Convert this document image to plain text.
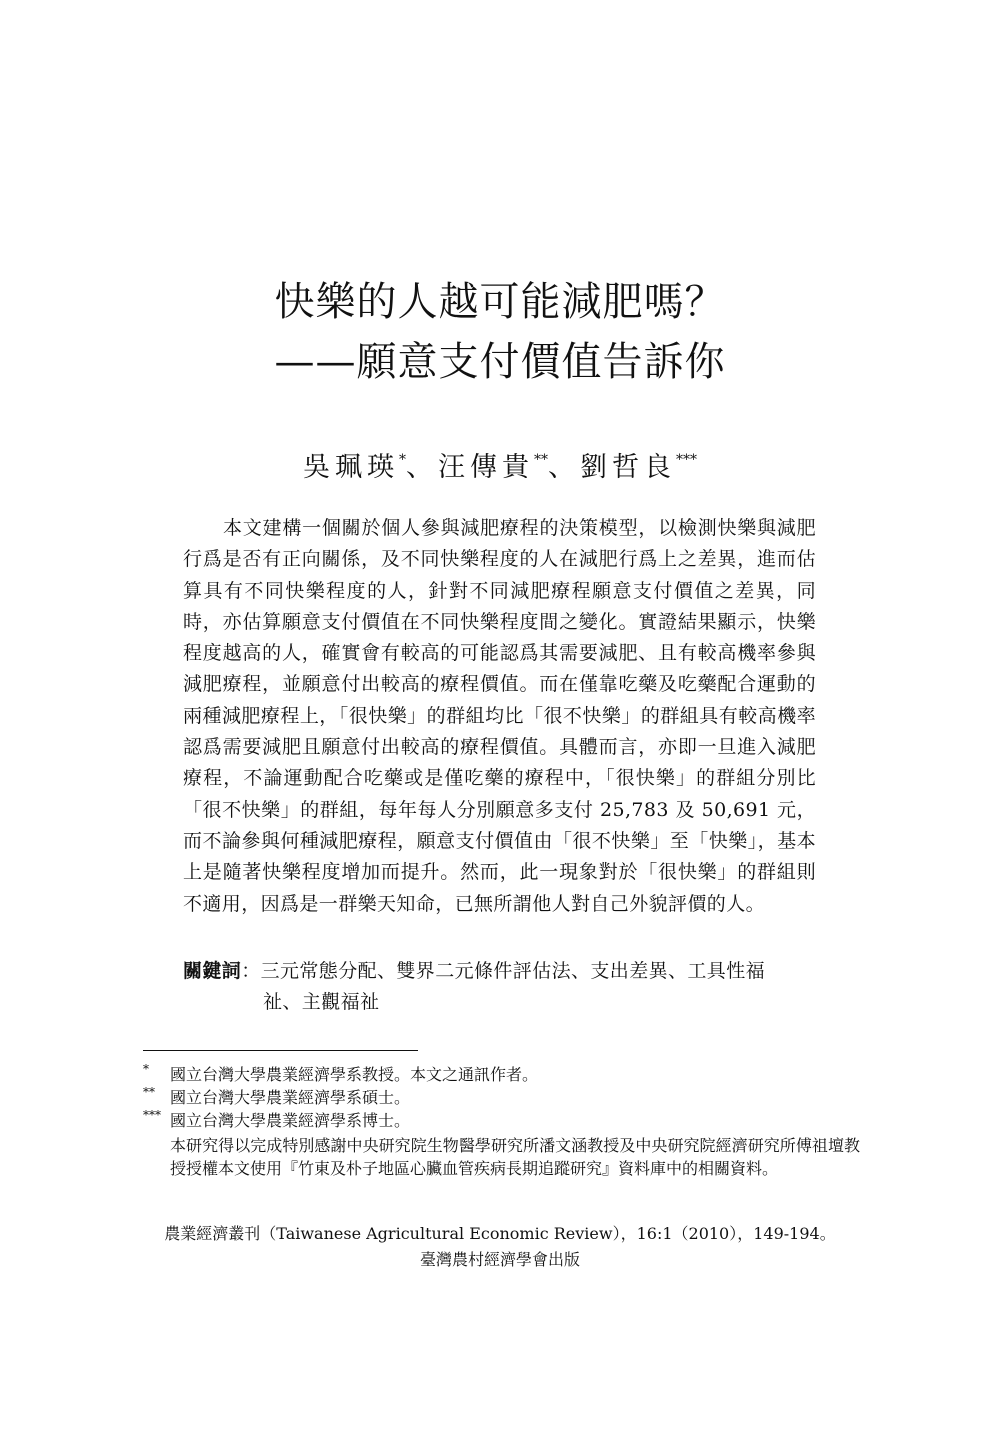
快樂的人越可能減肥嗎？
——願意支付價值告訴你
吳珮瑛*、汪傳貴**、劉哲良***

本文建構一個關於個人參與減肥療程的決策模型，以檢測快樂與減肥行爲是否有正向關係，及不同快樂程度的人在減肥行爲上之差異，進而估算具有不同快樂程度的人，針對不同減肥療程願意支付價值之差異，同時，亦估算願意支付價值在不同快樂程度間之變化。實證結果顯示，快樂程度越高的人，確實會有較高的可能認爲其需要減肥、且有較高機率參與減肥療程，並願意付出較高的療程價值。而在僅靠吃藥及吃藥配合運動的兩種減肥療程上，「很快樂」的群組均比「很不快樂」的群組具有較高機率認爲需要減肥且願意付出較高的療程價值。具體而言，亦即一旦進入減肥療程，不論運動配合吃藥或是僅吃藥的療程中，「很快樂」的群組分別比「很不快樂」的群組，每年每人分別願意多支付 25,783 及 50,691 元，而不論參與何種減肥療程，願意支付價值由「很不快樂」至「快樂」，基本上是隨著快樂程度增加而提升。然而，此一現象對於「很快樂」的群組則不適用，因爲是一群樂天知命，已無所謂他人對自己外貌評價的人。

關鍵詞：三元常態分配、雙界二元條件評估法、支出差異、工具性福
祉、主觀福祉
* 國立台灣大學農業經濟學系教授。本文之通訊作者。
** 國立台灣大學農業經濟學系碩士。
*** 國立台灣大學農業經濟學系博士。

本研究得以完成特別感謝中央研究院生物醫學研究所潘文涵教授及中央研究院經濟研究所傅祖壇教授授權本文使用『竹東及朴子地區心臟血管疾病長期追蹤研究』資料庫中的相關資料。

農業經濟叢刊（Taiwanese Agricultural Economic Review），16:1（2010），149-194。
臺灣農村經濟學會出版
